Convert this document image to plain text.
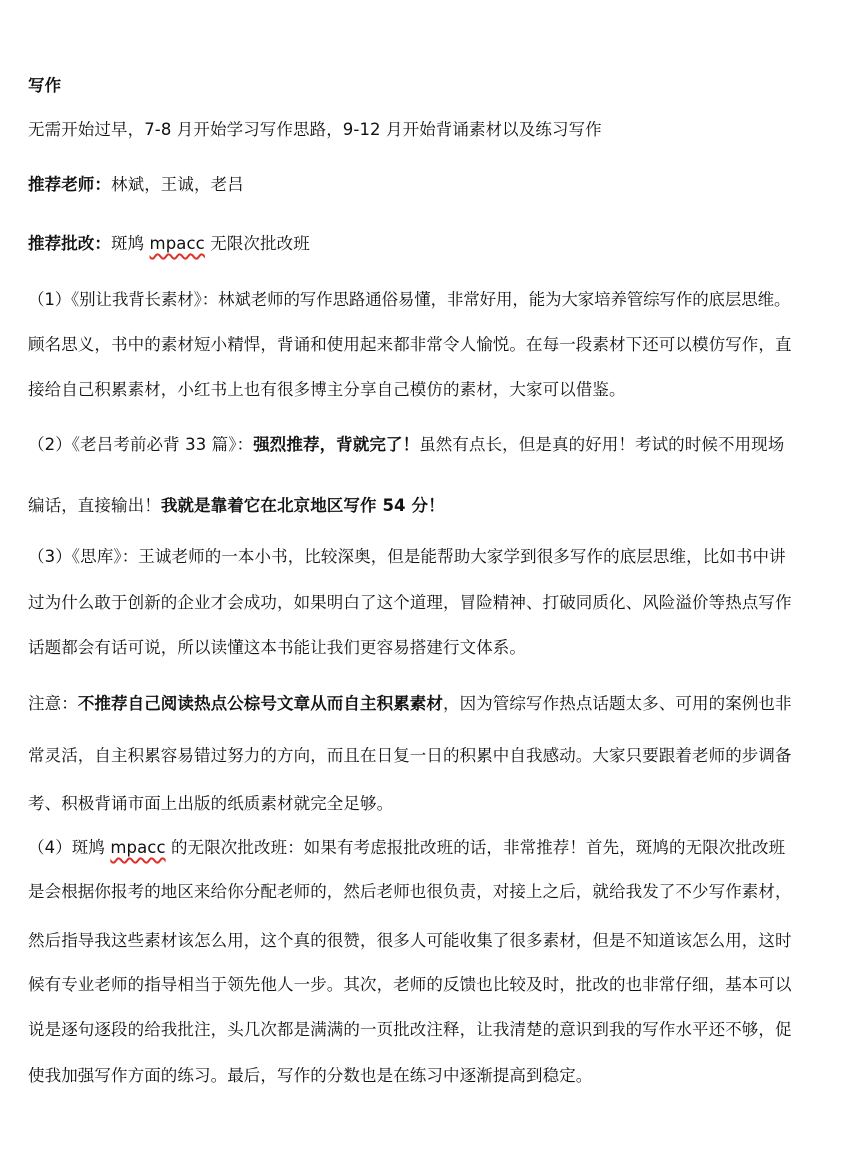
写作
无需开始过早，7-8 月开始学习写作思路，9-12 月开始背诵素材以及练习写作
推荐老师：林斌，王诚，老吕
推荐批改：斑鸠 mpacc 无限次批改班
（1）《别让我背长素材》：林斌老师的写作思路通俗易懂，非常好用，能为大家培养管综写作的底层思维。
顾名思义，书中的素材短小精悍，背诵和使用起来都非常令人愉悦。在每一段素材下还可以模仿写作，直
接给自己积累素材，小红书上也有很多博主分享自己模仿的素材，大家可以借鉴。
（2）《老吕考前必背 33 篇》：强烈推荐，背就完了！虽然有点长，但是真的好用！考试的时候不用现场
编话，直接输出！我就是靠着它在北京地区写作 54 分！
（3）《思库》：王诚老师的一本小书，比较深奥，但是能帮助大家学到很多写作的底层思维，比如书中讲
过为什么敢于创新的企业才会成功，如果明白了这个道理，冒险精神、打破同质化、风险溢价等热点写作
话题都会有话可说，所以读懂这本书能让我们更容易搭建行文体系。
注意：不推荐自己阅读热点公棕号文章从而自主积累素材，因为管综写作热点话题太多、可用的案例也非
常灵活，自主积累容易错过努力的方向，而且在日复一日的积累中自我感动。大家只要跟着老师的步调备
考、积极背诵市面上出版的纸质素材就完全足够。
（4）斑鸠 mpacc 的无限次批改班：如果有考虑报批改班的话，非常推荐！首先，斑鸠的无限次批改班
是会根据你报考的地区来给你分配老师的，然后老师也很负责，对接上之后，就给我发了不少写作素材，
然后指导我这些素材该怎么用，这个真的很赞，很多人可能收集了很多素材，但是不知道该怎么用，这时
候有专业老师的指导相当于领先他人一步。其次，老师的反馈也比较及时，批改的也非常仔细，基本可以
说是逐句逐段的给我批注，头几次都是满满的一页批改注释，让我清楚的意识到我的写作水平还不够，促
使我加强写作方面的练习。最后，写作的分数也是在练习中逐渐提高到稳定。
